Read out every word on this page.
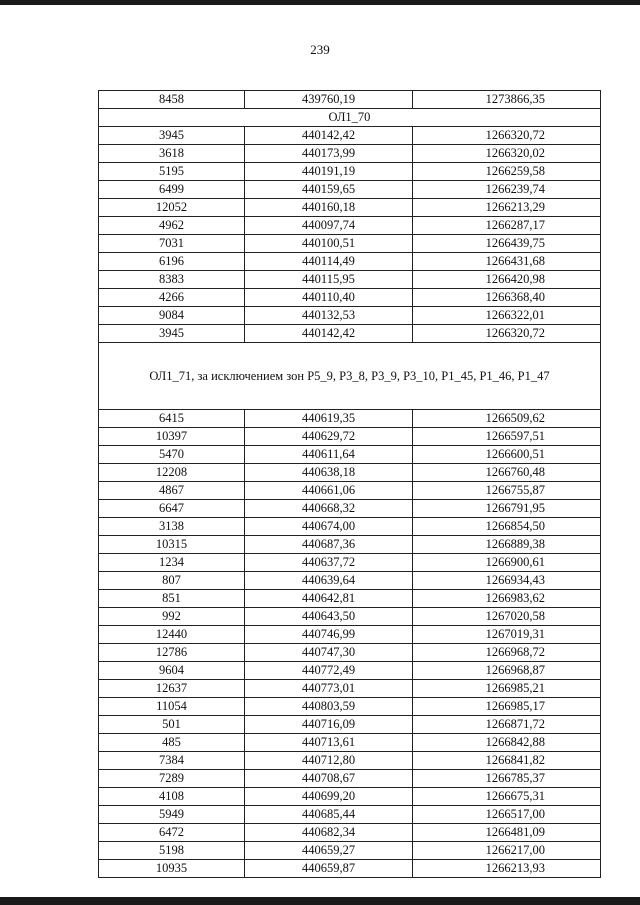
239
8458	439760,19	1273866,35
ОЛ1_70		
3945	440142,42	1266320,72
3618	440173,99	1266320,02
5195	440191,19	1266259,58
6499	440159,65	1266239,74
12052	440160,18	1266213,29
4962	440097,74	1266287,17
7031	440100,51	1266439,75
6196	440114,49	1266431,68
8383	440115,95	1266420,98
4266	440110,40	1266368,40
9084	440132,53	1266322,01
3945	440142,42	1266320,72
ОЛ1_71, за исключением зон Р5_9, Р3_8, Р3_9, Р3_10, Р1_45, Р1_46, Р1_47		
6415	440619,35	1266509,62
10397	440629,72	1266597,51
5470	440611,64	1266600,51
12208	440638,18	1266760,48
4867	440661,06	1266755,87
6647	440668,32	1266791,95
3138	440674,00	1266854,50
10315	440687,36	1266889,38
1234	440637,72	1266900,61
807	440639,64	1266934,43
851	440642,81	1266983,62
992	440643,50	1267020,58
12440	440746,99	1267019,31
12786	440747,30	1266968,72
9604	440772,49	1266968,87
12637	440773,01	1266985,21
11054	440803,59	1266985,17
501	440716,09	1266871,72
485	440713,61	1266842,88
7384	440712,80	1266841,82
7289	440708,67	1266785,37
4108	440699,20	1266675,31
5949	440685,44	1266517,00
6472	440682,34	1266481,09
5198	440659,27	1266217,00
10935	440659,87	1266213,93
